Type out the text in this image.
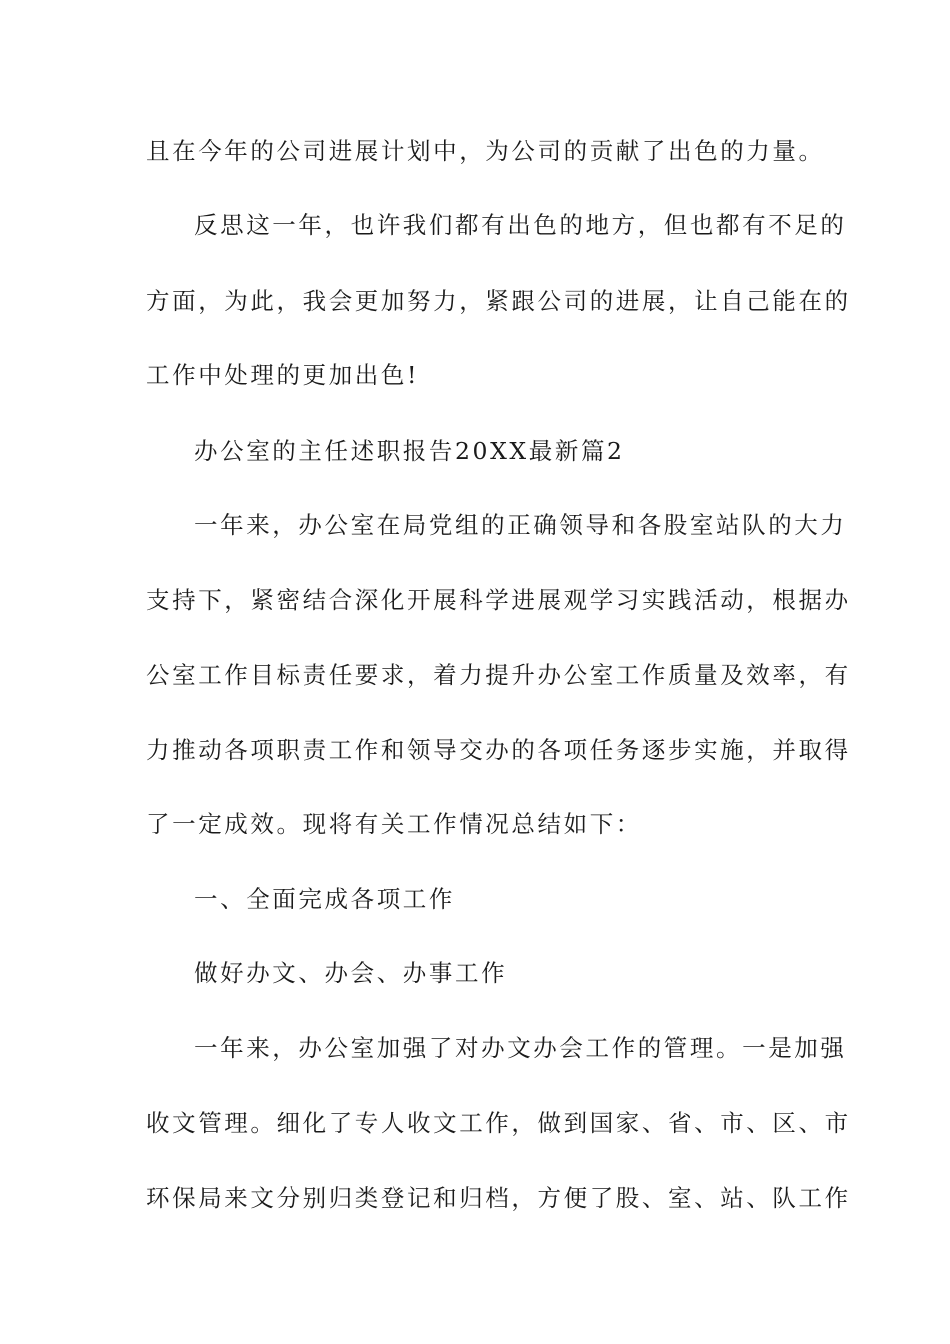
且在今年的公司进展计划中，为公司的贡献了出色的力量。
反思这一年，也许我们都有出色的地方，但也都有不足的
方面，为此，我会更加努力，紧跟公司的进展，让自己能在的
工作中处理的更加出色!
办公室的主任述职报告20XX最新篇2
一年来，办公室在局党组的正确领导和各股室站队的大力
支持下，紧密结合深化开展科学进展观学习实践活动，根据办
公室工作目标责任要求，着力提升办公室工作质量及效率，有
力推动各项职责工作和领导交办的各项任务逐步实施，并取得
了一定成效。现将有关工作情况总结如下：
一、全面完成各项工作
做好办文、办会、办事工作
一年来，办公室加强了对办文办会工作的管理。一是加强
收文管理。细化了专人收文工作，做到国家、省、市、区、市
环保局来文分别归类登记和归档，方便了股、室、站、队工作
